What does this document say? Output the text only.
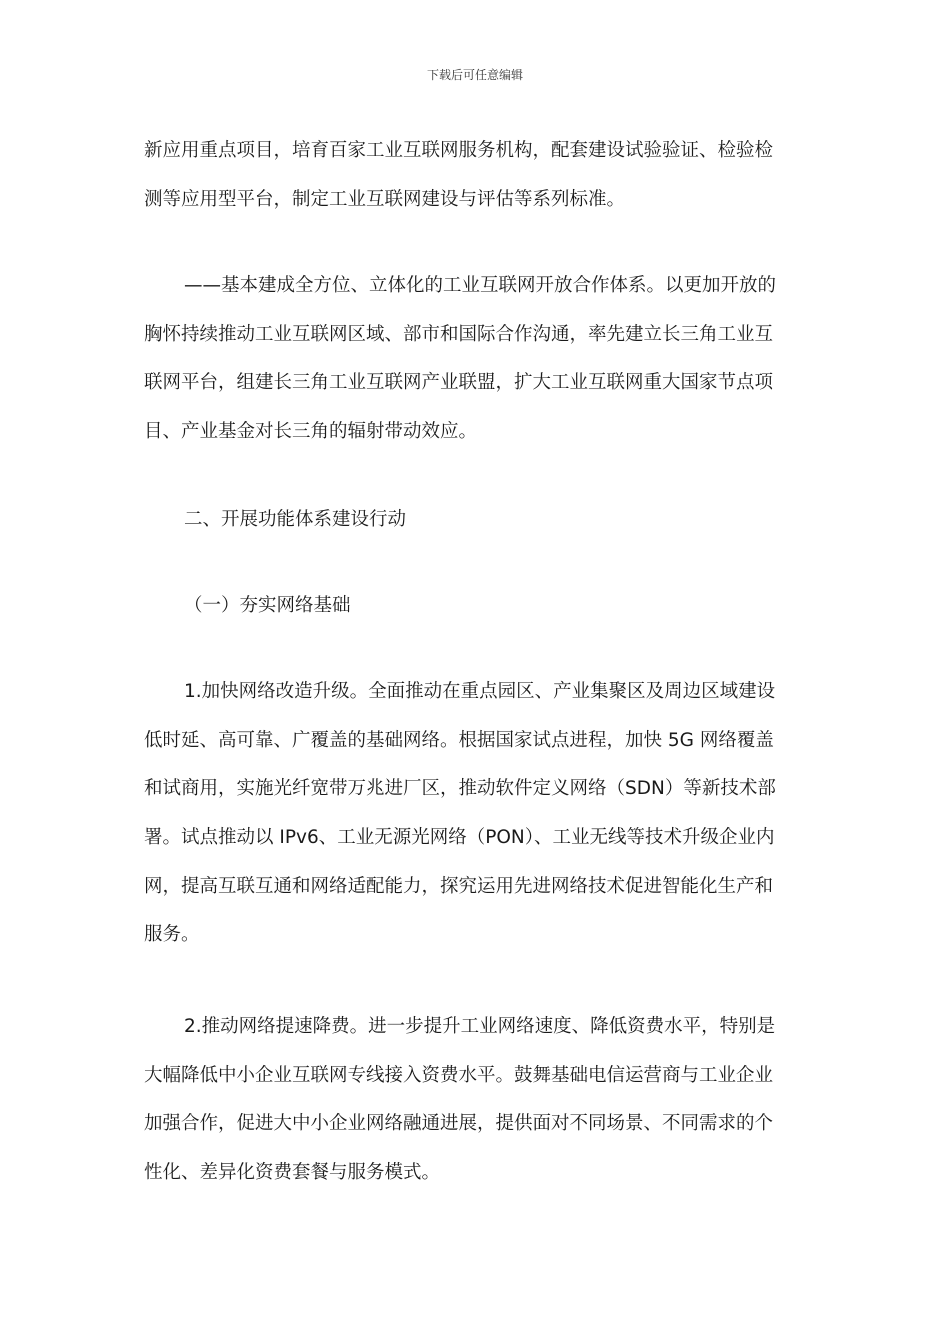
下载后可任意编辑
新应用重点项目，培育百家工业互联网服务机构，配套建设试验验证、检验检
测等应用型平台，制定工业互联网建设与评估等系列标准。
——基本建成全方位、立体化的工业互联网开放合作体系。以更加开放的
胸怀持续推动工业互联网区域、部市和国际合作沟通，率先建立长三角工业互
联网平台，组建长三角工业互联网产业联盟，扩大工业互联网重大国家节点项
目、产业基金对长三角的辐射带动效应。
二、开展功能体系建设行动
（一）夯实网络基础
1.加快网络改造升级。全面推动在重点园区、产业集聚区及周边区域建设
低时延、高可靠、广覆盖的基础网络。根据国家试点进程，加快 5G 网络覆盖
和试商用，实施光纤宽带万兆进厂区，推动软件定义网络（SDN）等新技术部
署。试点推动以 IPv6、工业无源光网络（PON）、工业无线等技术升级企业内
网，提高互联互通和网络适配能力，探究运用先进网络技术促进智能化生产和
服务。
2.推动网络提速降费。进一步提升工业网络速度、降低资费水平，特别是
大幅降低中小企业互联网专线接入资费水平。鼓舞基础电信运营商与工业企业
加强合作，促进大中小企业网络融通进展，提供面对不同场景、不同需求的个
性化、差异化资费套餐与服务模式。
